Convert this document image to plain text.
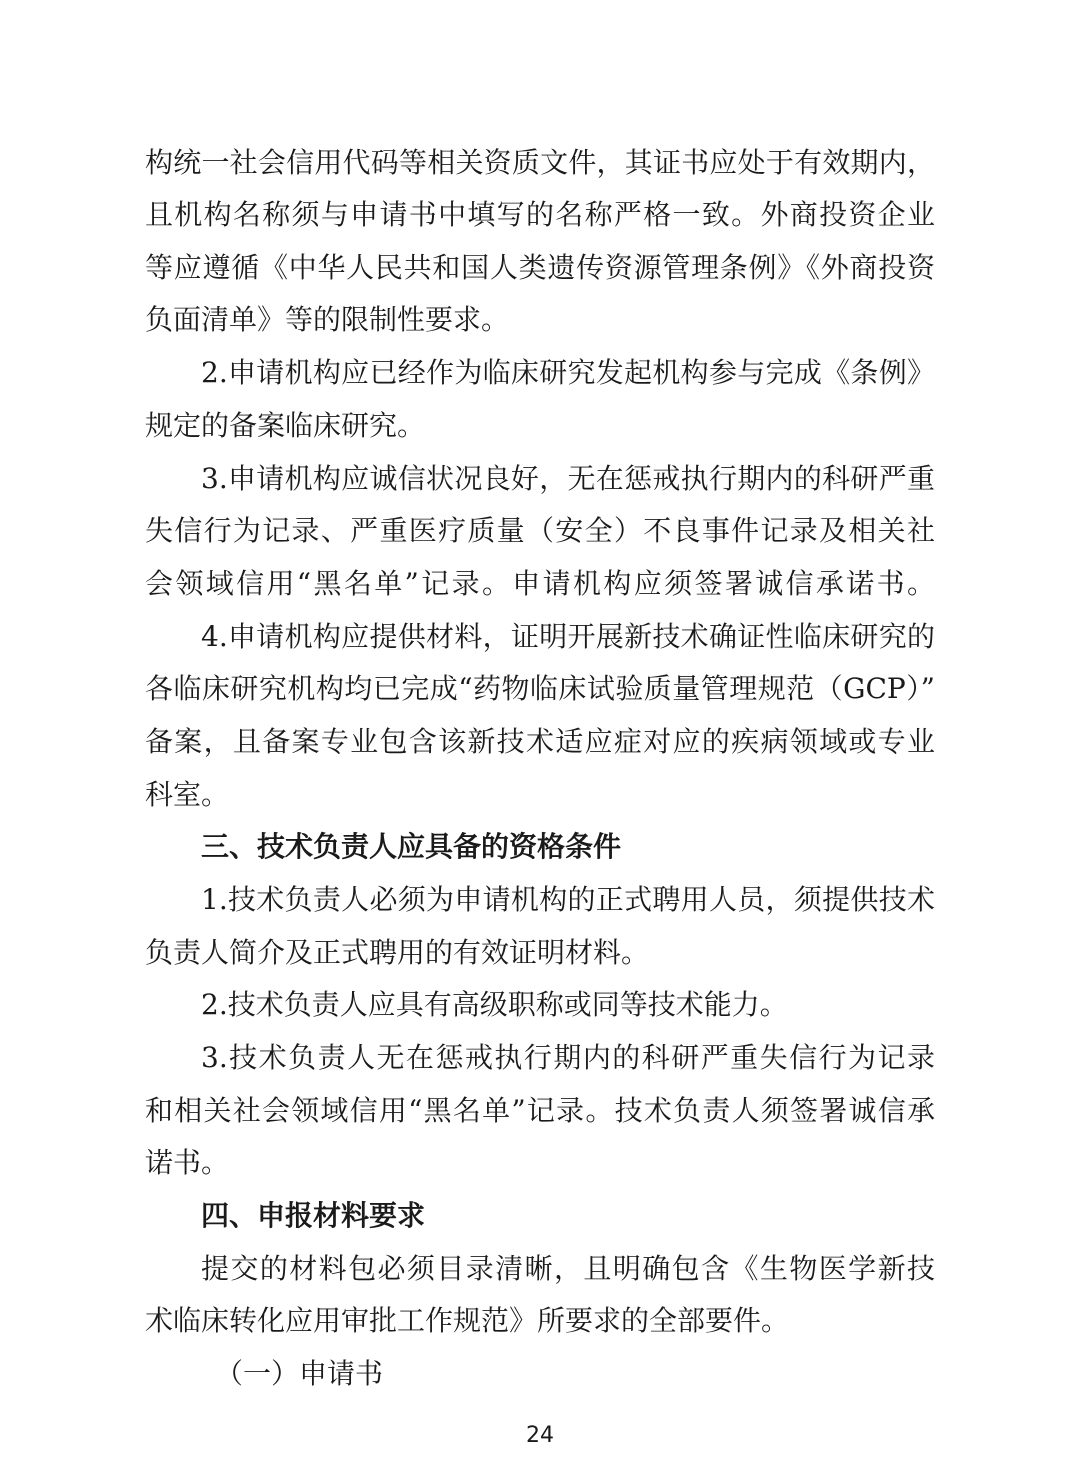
构统一社会信用代码等相关资质文件，其证书应处于有效期内，
且机构名称须与申请书中填写的名称严格一致。外商投资企业
等应遵循《中华人民共和国人类遗传资源管理条例》《外商投资
负面清单》等的限制性要求。
2.申请机构应已经作为临床研究发起机构参与完成《条例》
规定的备案临床研究。
3.申请机构应诚信状况良好，无在惩戒执行期内的科研严重
失信行为记录、严重医疗质量（安全）不良事件记录及相关社
会领域信用“黑名单”记录。申请机构应须签署诚信承诺书。
4.申请机构应提供材料，证明开展新技术确证性临床研究的
各临床研究机构均已完成“药物临床试验质量管理规范（GCP）”
备案，且备案专业包含该新技术适应症对应的疾病领域或专业
科室。
三、技术负责人应具备的资格条件
1.技术负责人必须为申请机构的正式聘用人员，须提供技术
负责人简介及正式聘用的有效证明材料。
2.技术负责人应具有高级职称或同等技术能力。
3.技术负责人无在惩戒执行期内的科研严重失信行为记录
和相关社会领域信用“黑名单”记录。技术负责人须签署诚信承
诺书。
四、申报材料要求
提交的材料包必须目录清晰，且明确包含《生物医学新技
术临床转化应用审批工作规范》所要求的全部要件。
（一）申请书
24
